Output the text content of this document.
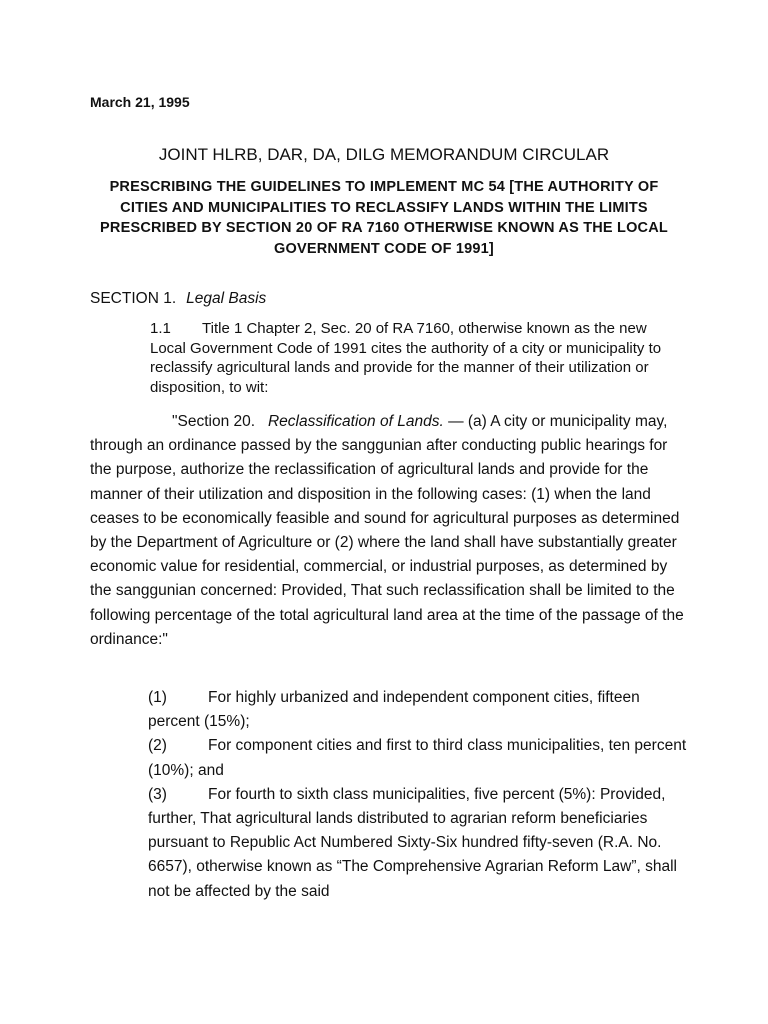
March 21, 1995
JOINT HLRB, DAR, DA, DILG MEMORANDUM CIRCULAR
PRESCRIBING THE GUIDELINES TO IMPLEMENT MC 54 [THE AUTHORITY OF CITIES AND MUNICIPALITIES TO RECLASSIFY LANDS WITHIN THE LIMITS PRESCRIBED BY SECTION 20 OF RA 7160 OTHERWISE KNOWN AS THE LOCAL GOVERNMENT CODE OF 1991]
SECTION 1. Legal Basis
1.1 Title 1 Chapter 2, Sec. 20 of RA 7160, otherwise known as the new Local Government Code of 1991 cites the authority of a city or municipality to reclassify agricultural lands and provide for the manner of their utilization or disposition, to wit:
"Section 20. Reclassification of Lands. — (a) A city or municipality may, through an ordinance passed by the sanggunian after conducting public hearings for the purpose, authorize the reclassification of agricultural lands and provide for the manner of their utilization and disposition in the following cases: (1) when the land ceases to be economically feasible and sound for agricultural purposes as determined by the Department of Agriculture or (2) where the land shall have substantially greater economic value for residential, commercial, or industrial purposes, as determined by the sanggunian concerned: Provided, That such reclassification shall be limited to the following percentage of the total agricultural land area at the time of the passage of the ordinance:"
(1)	For highly urbanized and independent component cities, fifteen percent (15%);
(2)	For component cities and first to third class municipalities, ten percent (10%); and
(3)	For fourth to sixth class municipalities, five percent (5%): Provided, further, That agricultural lands distributed to agrarian reform beneficiaries pursuant to Republic Act Numbered Sixty-Six hundred fifty-seven (R.A. No. 6657), otherwise known as “The Comprehensive Agrarian Reform Law”, shall not be affected by the said
